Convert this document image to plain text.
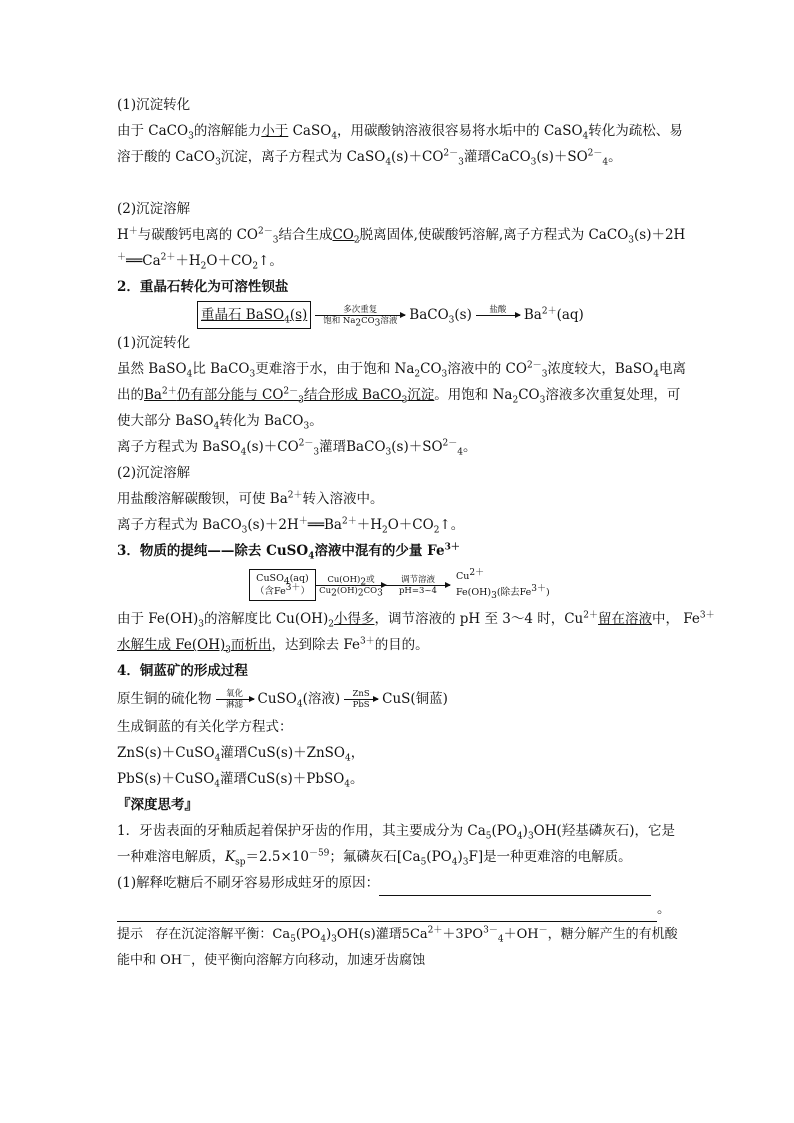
(1)沉淀转化
由于 CaCO$_3$的溶解能力小于 CaSO$_4$，用碳酸钠溶液很容易将水垢中的 CaSO$_4$转化为疏松、易
溶于酸的 CaCO$_3$沉淀，离子方程式为 $CaSO_4(s)+CO^{2-}_3$灌瑨$CaCO_3(s)+SO^{2-}_4$。
(2)沉淀溶解
H＋与碳酸钙电离的 $CO^{2-}_3$结合生成$CO_2$脱离固体,使碳酸钙溶解,离子方程式为 CaCO$_3$(s)＋2H
$^+══Ca^{2+}+H_2O+CO_2↑$。
2．重晶石转化为可溶性钡盐
重晶石 BaSO$_4$(s)	多次重复
饱和 $Na_2CO_3$溶液 BaCO$_3$(s)	盐酸
	$Ba^{2+}(aq)$
(1)沉淀转化
虽然 BaSO$_4$比 BaCO$_3$更难溶于水，由于饱和 $Na_2CO_3$溶液中的 $CO^{2-}_3$浓度较大，BaSO$_4$电离
出的$Ba^{2+}$仍有部分能与 $CO^{2-}_3$结合形成 BaCO$_3$沉淀。用饱和 $Na_2CO_3$溶液多次重复处理，可
使大部分 BaSO$_4$转化为 BaCO$_3$。
离子方程式为 $BaSO_4(s)+CO^{2-}_3$灌瑨$BaCO_3(s)+SO^{2-}_4$。
(2)沉淀溶解
用盐酸溶解碳酸钡，可使 $Ba^{2+}$转入溶液中。
离子方程式为 $BaCO_3(s)+2H^+══Ba^{2+}+H_2O+CO_2↑$。
3．物质的提纯——除去 CuSO$_4$溶液中混有的少量 $Fe^{3+}$
CuSO$_4$(aq)
（含$Fe^{3+}$）
$Cu(OH)_2$或
$Cu_2(OH)_2CO_3$
调节溶液
pH=3~4
$Cu^{2+}$
$Fe(OH)_3$(除去$Fe^{3+}$)
由于 $Fe(OH)_3$的溶解度比 $Cu(OH)_2$小得多，调节溶液的 pH 至 3～4 时，$Cu^{2+}$留在溶液中， $Fe^{3+}$
水解生成 $Fe(OH)_3$而析出，达到除去 $Fe^{3+}$的目的。
4．铜蓝矿的形成过程
原生铜的硫化物	氧化
淋滤	CuSO$_4$(溶液)	ZnS
PbS CuS(铜蓝)
生成铜蓝的有关化学方程式：
ZnS(s)＋CuSO$_4$灌瑨CuS(s)＋ZnSO$_4$，
PbS(s)＋CuSO$_4$灌瑨CuS(s)＋PbSO$_4$。
『深度思考』
1．牙齿表面的牙釉质起着保护牙齿的作用，其主要成分为 $Ca_5(PO_4)_3OH$(羟基磷灰石)，它是
一种难溶电解质，$K_{sp}=2.5\times 10^{-59}$；氟磷灰石$[Ca_5(PO_4)_3F]$是一种更难溶的电解质。
(1)解释吃糖后不刷牙容易形成蛀牙的原因：
。
提示 存在沉淀溶解平衡：$Ca_5(PO_4)_3OH(s)$灌瑨$5Ca^{2+}+3PO^{3-}_4+OH^-$，糖分解产生的有机酸
能中和 OH－，使平衡向溶解方向移动，加速牙齿腐蚀
